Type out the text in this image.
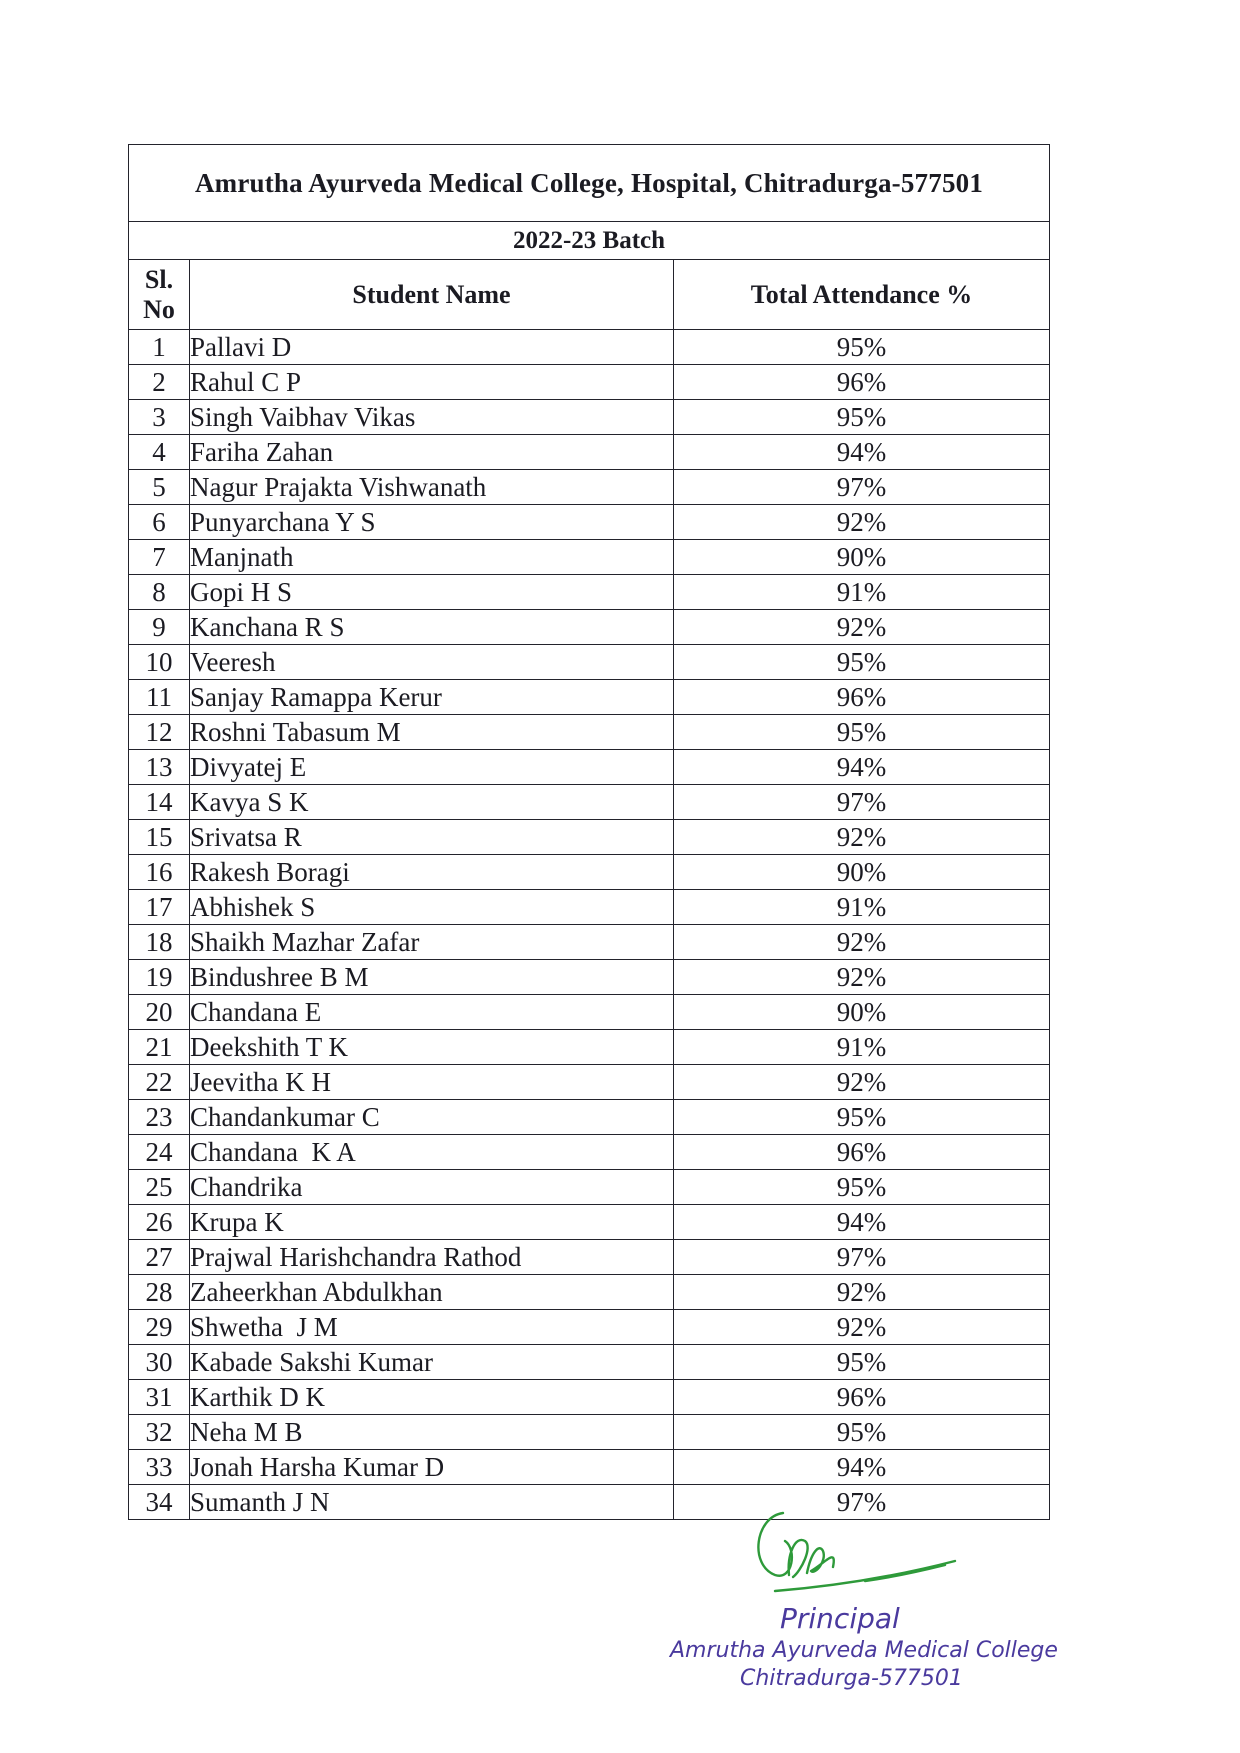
Amrutha Ayurveda Medical College, Hospital, Chitradurga-577501		
2022-23 Batch		
Sl.
No	Student Name	Total Attendance %
1	Pallavi D	95%
2	Rahul C P	96%
3	Singh Vaibhav Vikas	95%
4	Fariha Zahan	94%
5	Nagur Prajakta Vishwanath	97%
6	Punyarchana Y S	92%
7	Manjnath	90%
8	Gopi H S	91%
9	Kanchana R S	92%
10	Veeresh	95%
11	Sanjay Ramappa Kerur	96%
12	Roshni Tabasum M	95%
13	Divyatej E	94%
14	Kavya S K	97%
15	Srivatsa R	92%
16	Rakesh Boragi	90%
17	Abhishek S	91%
18	Shaikh Mazhar Zafar	92%
19	Bindushree B M	92%
20	Chandana E	90%
21	Deekshith T K	91%
22	Jeevitha K H	92%
23	Chandankumar C	95%
24	Chandana  K A	96%
25	Chandrika	95%
26	Krupa K	94%
27	Prajwal Harishchandra Rathod	97%
28	Zaheerkhan Abdulkhan	92%
29	Shwetha  J M	92%
30	Kabade Sakshi Kumar	95%
31	Karthik D K	96%
32	Neha M B	95%
33	Jonah Harsha Kumar D	94%
34	Sumanth J N	97%
Principal
Amrutha Ayurveda Medical College
Chitradurga-577501
